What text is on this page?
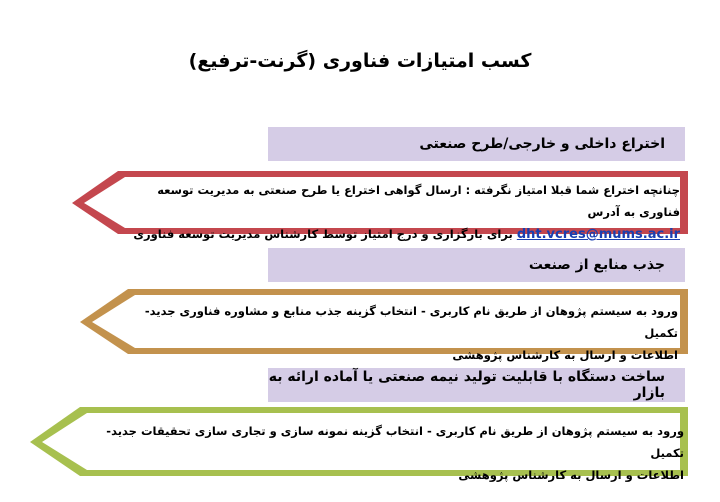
کسب امتیازات فناوری (گرنت-ترفیع)
اختراع داخلی و خارجی/طرح صنعتی
چنانچه اختراع شما قبلا امتیاز نگرفته : ارسال گواهی اختراع یا طرح صنعتی به مدیریت توسعه فناوری به آدرس
dht.vcres@mums.ac.ir برای بارگزاری و درج امتیاز توسط کارشناس مدیریت توسعه فناوری
جذب منابع از صنعت
ورود به سیستم پژوهان از طریق نام کاربری - انتخاب گزینه جذب منابع و مشاوره فناوری جدید- تکمیل
اطلاعات و ارسال به کارشناس پژوهشی
ساخت دستگاه با قابلیت تولید نیمه صنعتی یا آماده ارائه به بازار
ورود به سیستم پژوهان از طریق نام کاربری - انتخاب گزینه نمونه سازی و تجاری سازی تحقیقات جدید- تکمیل
اطلاعات و ارسال به کارشناس پژوهشی
